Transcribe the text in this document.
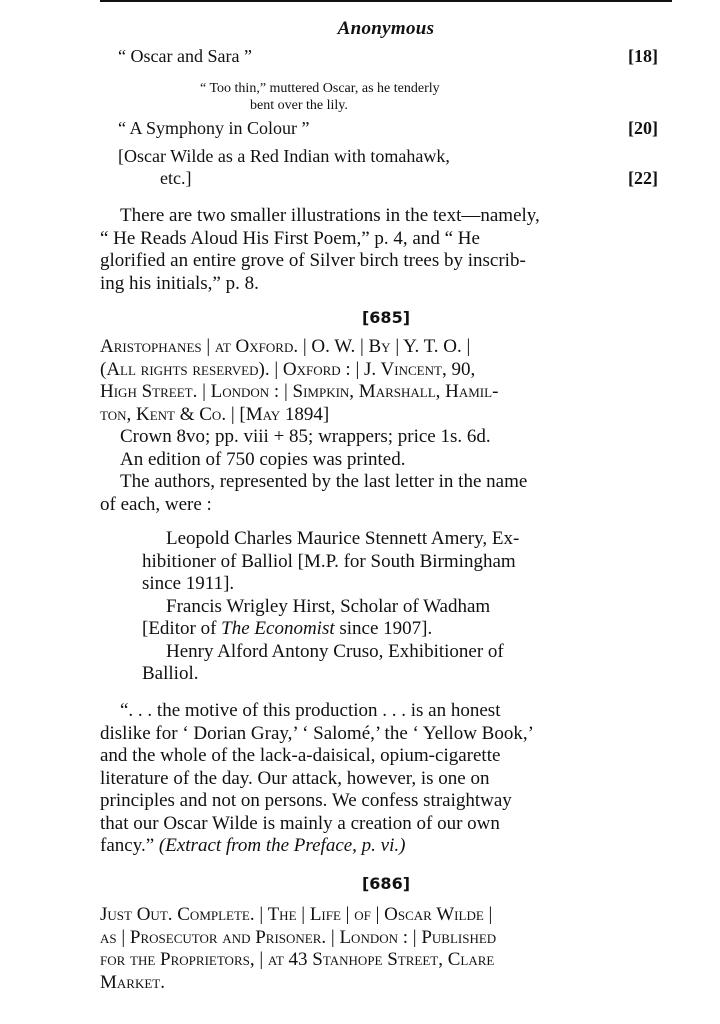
Anonymous
“ Oscar and Sara ”	[18]
“ Too thin,” muttered Oscar, as he tenderly
bent over the lily.
“ A Symphony in Colour ”	[20]
[Oscar Wilde as a Red Indian with tomahawk,
etc.]	[22]
There are two smaller illustrations in the text—namely,
“ He Reads Aloud His First Poem,” p. 4, and “ He
glorified an entire grove of Silver birch trees by inscrib-
ing his initials,” p. 8.
[685]
Aristophanes | at Oxford. | O. W. | By | Y. T. O. |
(All rights reserved). | Oxford : | J. Vincent, 90,
High Street. | London : | Simpkin, Marshall, Hamil-
ton, Kent & Co. | [May 1894]
Crown 8vo; pp. viii + 85; wrappers; price 1s. 6d.
An edition of 750 copies was printed.
The authors, represented by the last letter in the name
of each, were :
Leopold Charles Maurice Stennett Amery, Ex-
hibitioner of Balliol [M.P. for South Birmingham
since 1911].
Francis Wrigley Hirst, Scholar of Wadham
[Editor of The Economist since 1907].
Henry Alford Antony Cruso, Exhibitioner of
Balliol.
“. . . the motive of this production . . . is an honest
dislike for ‘ Dorian Gray,’ ‘ Salomé,’ the ‘ Yellow Book,’
and the whole of the lack-a-daisical, opium-cigarette
literature of the day. Our attack, however, is one on
principles and not on persons. We confess straightway
that our Oscar Wilde is mainly a creation of our own
fancy.” (Extract from the Preface, p. vi.)
[686]
Just Out. Complete. | The | Life | of | Oscar Wilde |
as | Prosecutor and Prisoner. | London : | Published
for the Proprietors, | at 43 Stanhope Street, Clare
Market.
